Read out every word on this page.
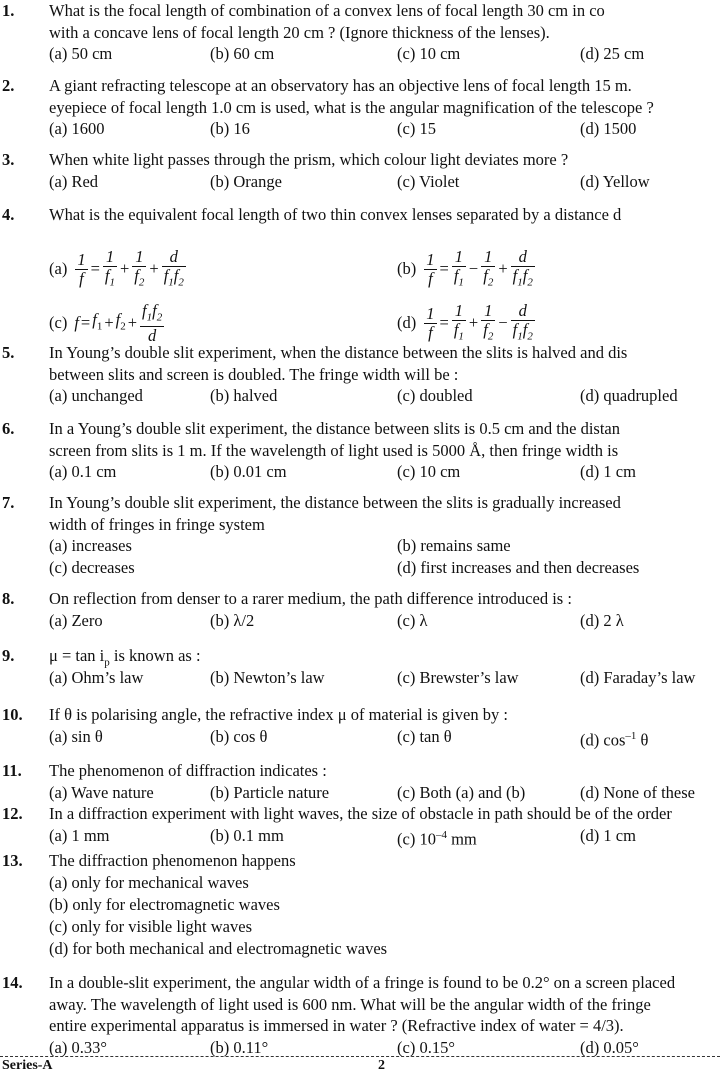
1. What is the focal length of combination of a convex lens of focal length 30 cm in co
with a concave lens of focal length 20 cm ? (Ignore thickness of the lenses).
(a) 50 cm	(b) 60 cm	(c) 10 cm	(d) 25 cm
2. A giant refracting telescope at an observatory has an objective lens of focal length 15 m.
eyepiece of focal length 1.0 cm is used, what is the angular magnification of the telescope ?
(a) 1600	(b) 16	(c) 15	(d) 1500
3. When white light passes through the prism, which colour light deviates more ?
(a) Red	(b) Orange	(c) Violet	(d) Yellow
4. What is the equivalent focal length of two thin convex lenses separated by a distance d
$(a) \frac{1}{f} = \frac{1}{f_1} + \frac{1}{f_2} + \frac{d}{f_1f_2}$	$(b) \frac{1}{f} = \frac{1}{f_1} - \frac{1}{f_2} + \frac{d}{f_1f_2}$
(c) $f = f_1 + f_2 + \frac{f_1f_2}{d}$	$(d) \frac{1}{f} = \frac{1}{f_1} + \frac{1}{f_2} - \frac{d}{f_1f_2}$
5. In Young’s double slit experiment, when the distance between the slits is halved and dis
between slits and screen is doubled. The fringe width will be :
(a) unchanged	(b) halved	(c) doubled	(d) quadrupled
6. In a Young’s double slit experiment, the distance between slits is 0.5 cm and the distan
screen from slits is 1 m. If the wavelength of light used is 5000 Å, then fringe width is
(a) 0.1 cm	(b) 0.01 cm	(c) 10 cm	(d) 1 cm
7. In Young’s double slit experiment, the distance between the slits is gradually increased
width of fringes in fringe system
(a) increases	(b) remains same
(c) decreases	(d) first increases and then decreases
8. On reflection from denser to a rarer medium, the path difference introduced is :
(a) Zero	(b) λ/2	(c) λ	(d) 2 λ
9. $\mu = \tan i_p$ is known as :
(a) Ohm’s law	(b) Newton’s law	(c) Brewster’s law	(d) Faraday’s law
10. If θ is polarising angle, the refractive index μ of material is given by :
(a) sin θ	(b) cos θ	(c) tan θ	(d) $\cos^{-1} \theta$
11. The phenomenon of diffraction indicates :
(a) Wave nature	(b) Particle nature	(c) Both (a) and (b)	(d) None of these
12. In a diffraction experiment with light waves, the size of obstacle in path should be of the order
(a) 1 mm	(b) 0.1 mm	(c) $10^{-4}$ mm	(d) 1 cm
13. The diffraction phenomenon happens
(a) only for mechanical waves
(b) only for electromagnetic waves
(c) only for visible light waves
(d) for both mechanical and electromagnetic waves
14. In a double-slit experiment, the angular width of a fringe is found to be 0.2° on a screen placed
away. The wavelength of light used is 600 nm. What will be the angular width of the fringe
entire experimental apparatus is immersed in water ? (Refractive index of water = 4/3).
(a) 0.33°	(b) 0.11°	(c) 0.15°	(d) 0.05°
Series-A	2
